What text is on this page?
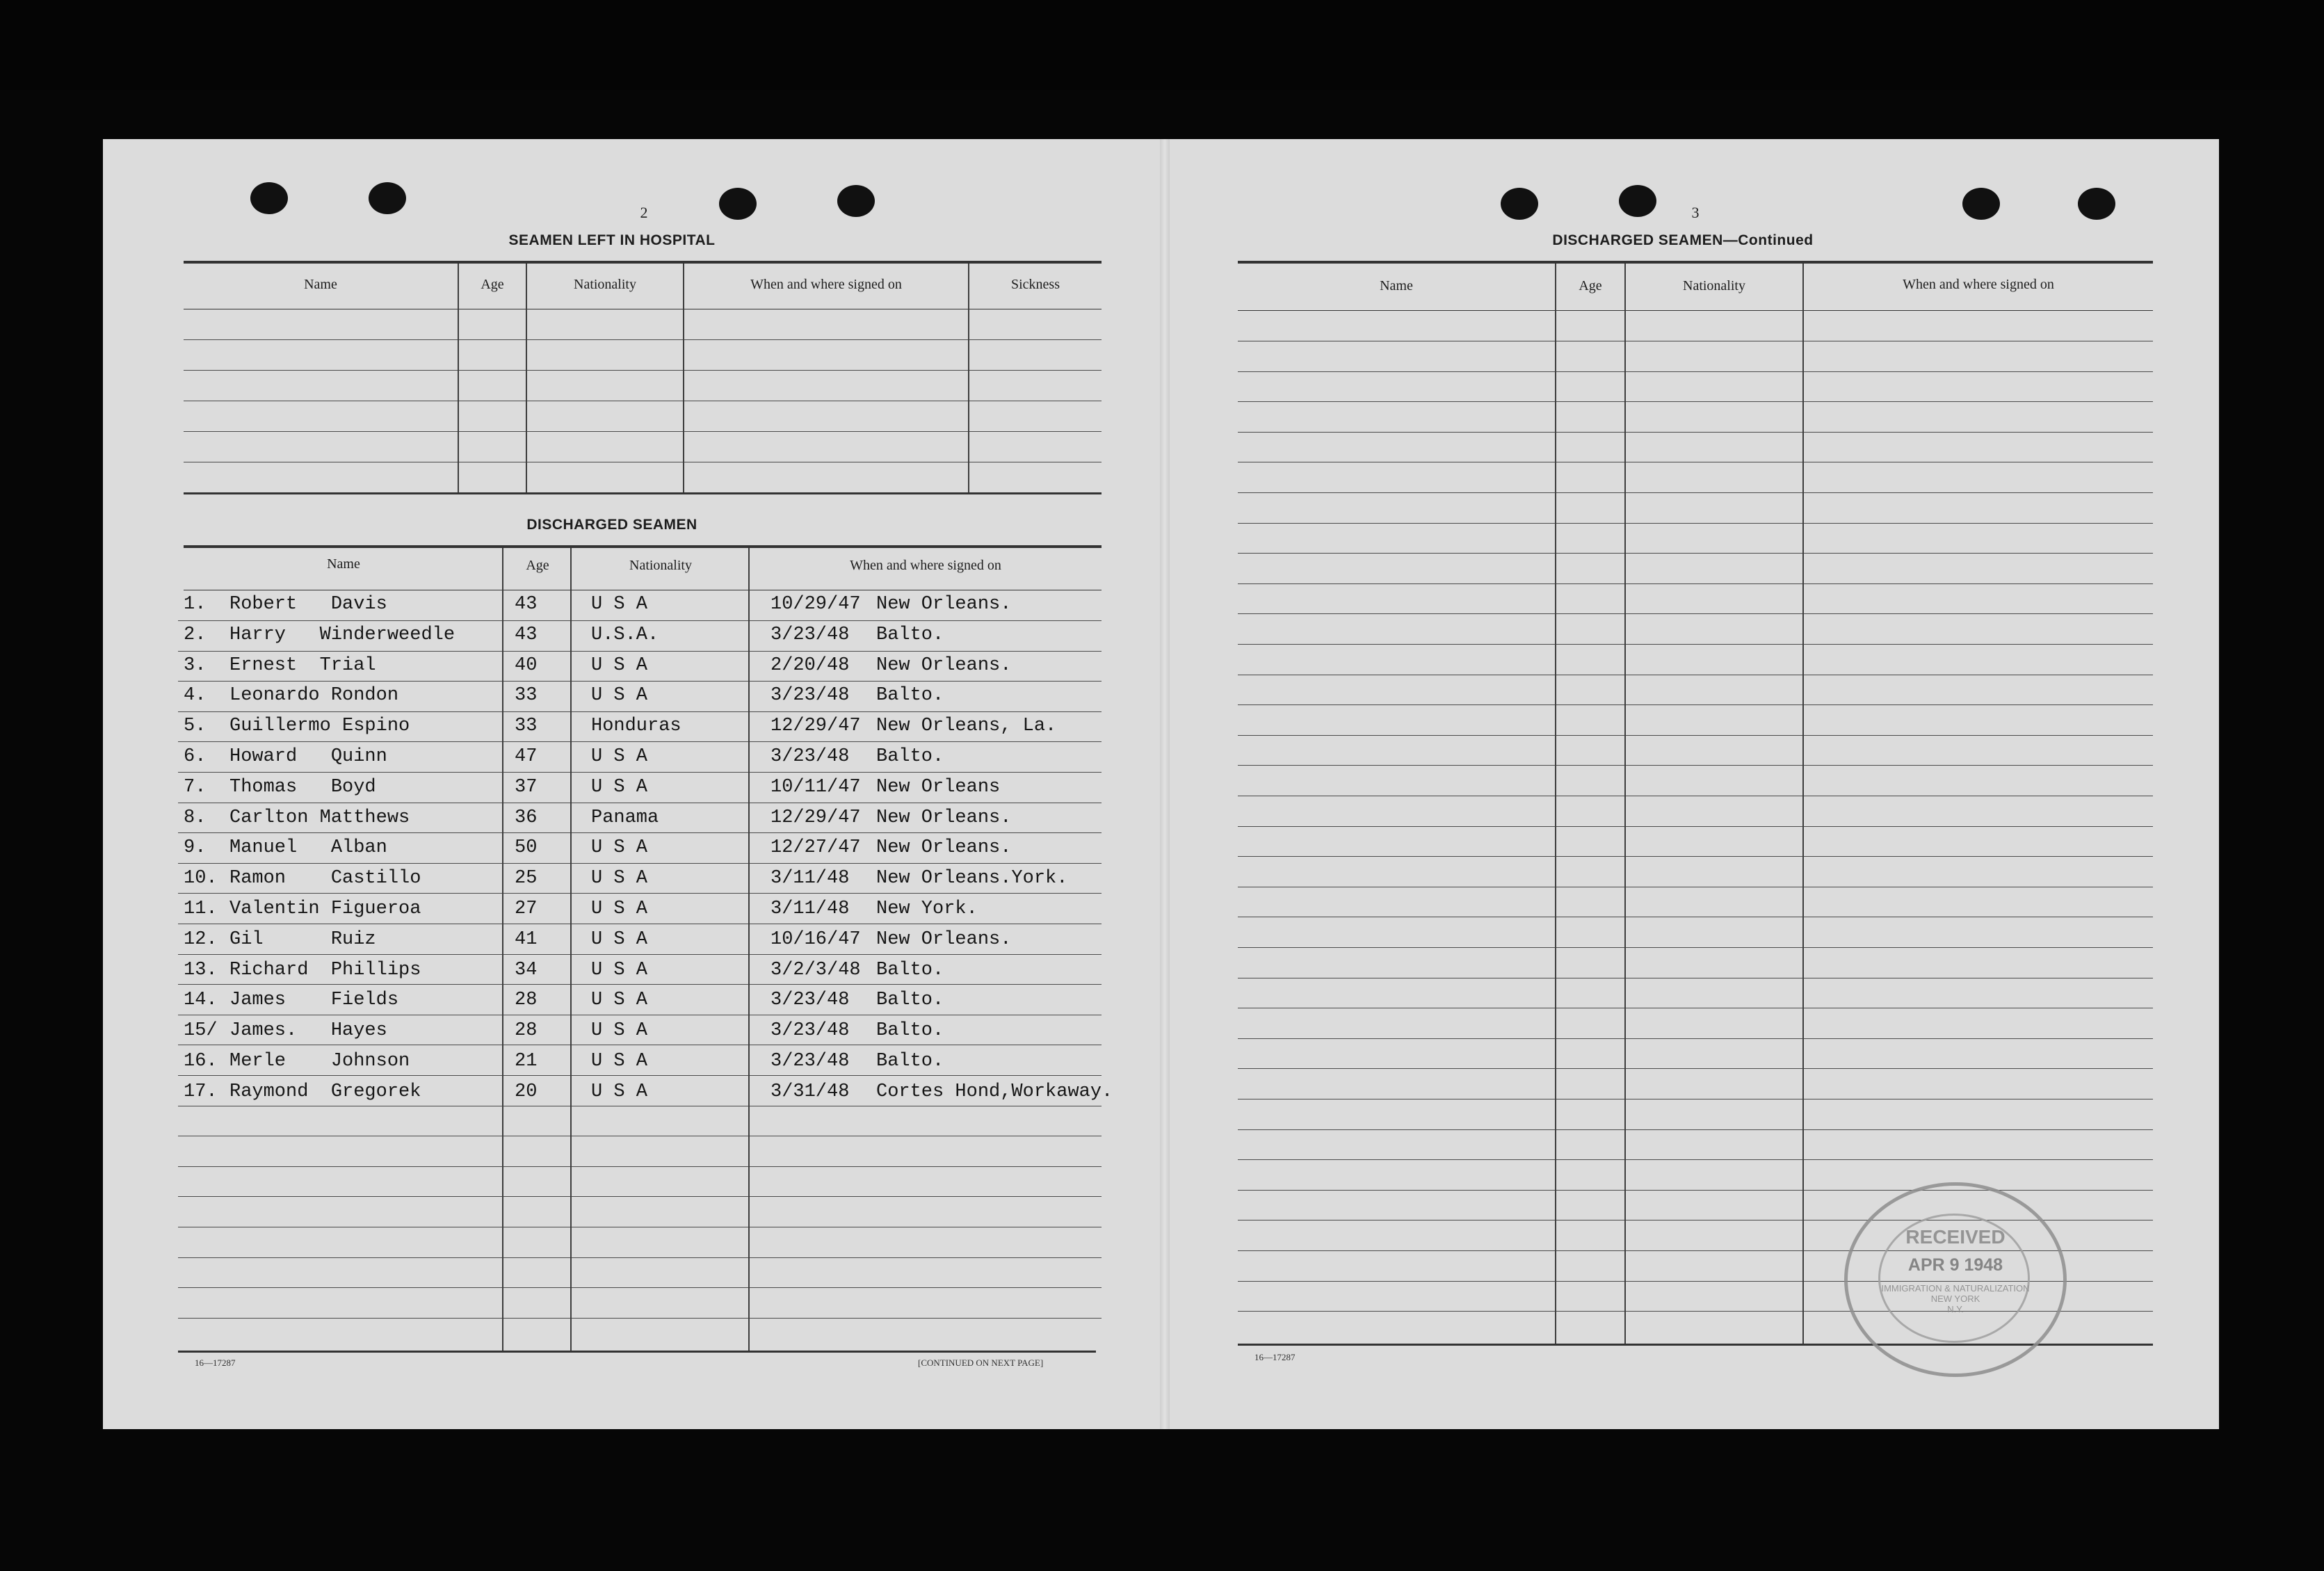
2
SEAMEN LEFT IN HOSPITAL
Name	Age	Nationality	When and where signed on	Sickness
DISCHARGED SEAMEN
Name	Age	Nationality	When and where signed on
1. Robert   Davis	43	U S A	10/29/47 New Orleans.
2. Harry   Winderweedle	43	U.S.A.	3/23/48 Balto.
3. Ernest  Trial	40	U S A	2/20/48 New Orleans.
4. Leonardo Rondon	33	U S A	3/23/48 Balto.
5. Guillermo Espino	33	Honduras	12/29/47 New Orleans, La.
6. Howard   Quinn	47	U S A	3/23/48 Balto.
7. Thomas   Boyd	37	U S A	10/11/47 New Orleans
8. Carlton Matthews	36	Panama	12/29/47 New Orleans.
9. Manuel   Alban	50	U S A	12/27/47 New Orleans.
10. Ramon    Castillo	25	U S A	3/11/48 New Orleans.York.
11. Valentin Figueroa	27	U S A	3/11/48 New York.
12. Gil      Ruiz	41	U S A	10/16/47 New Orleans.
13. Richard  Phillips	34	U S A	3/2/3/48 Balto.
14. James    Fields	28	U S A	3/23/48 Balto.
15/ James.   Hayes	28	U S A	3/23/48 Balto.
16. Merle    Johnson	21	U S A	3/23/48 Balto.
17. Raymond  Gregorek	20	U S A	3/31/48 Cortes Hond,Workaway.
16—17287	[CONTINUED ON NEXT PAGE]
3
DISCHARGED SEAMEN—Continued
Name	Age	Nationality	When and where signed on
16—17287
RECEIVED
APR 9 1948
IMMIGRATION & NATURALIZATION
NEW YORK
N.Y.
